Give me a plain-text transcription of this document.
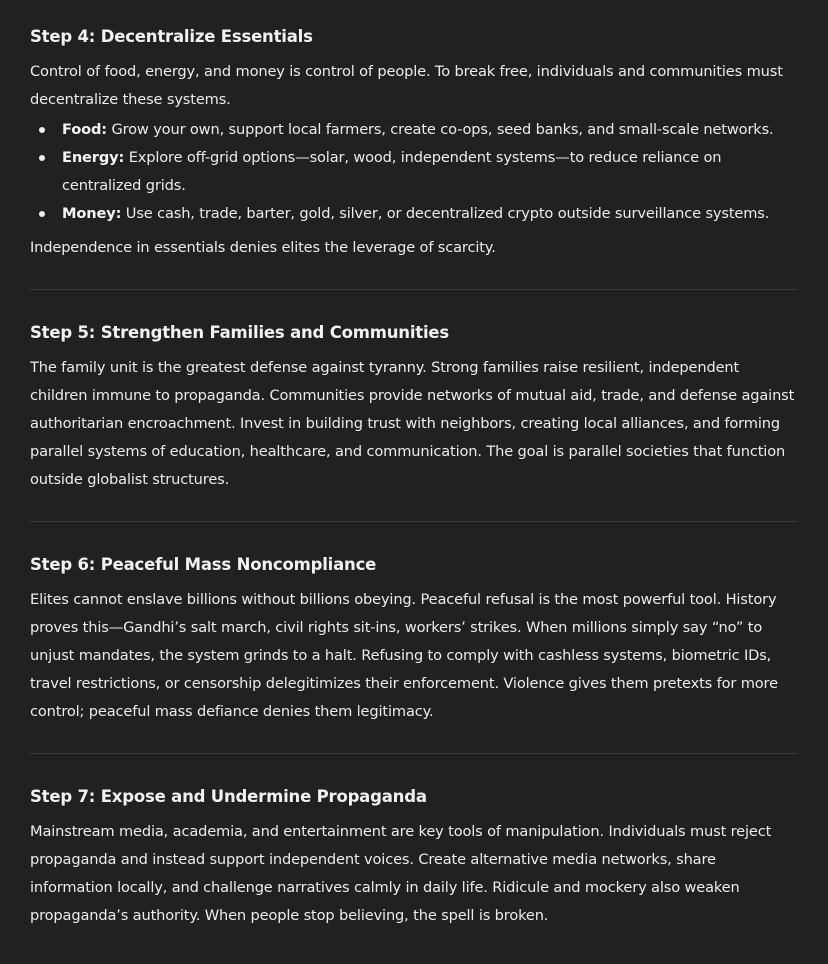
Step 4: Decentralize Essentials

Control of food, energy, and money is control of people. To break free, individuals and communities must decentralize these systems.

Food: Grow your own, support local farmers, create co-ops, seed banks, and small-scale networks.
Energy: Explore off-grid options—solar, wood, independent systems—to reduce reliance on centralized grids.
Money: Use cash, trade, barter, gold, silver, or decentralized crypto outside surveillance systems.

Independence in essentials denies elites the leverage of scarcity.

Step 5: Strengthen Families and Communities

The family unit is the greatest defense against tyranny. Strong families raise resilient, independent children immune to propaganda. Communities provide networks of mutual aid, trade, and defense against authoritarian encroachment. Invest in building trust with neighbors, creating local alliances, and forming parallel systems of education, healthcare, and communication. The goal is parallel societies that function outside globalist structures.

Step 6: Peaceful Mass Noncompliance

Elites cannot enslave billions without billions obeying. Peaceful refusal is the most powerful tool. History proves this—Gandhi’s salt march, civil rights sit-ins, workers’ strikes. When millions simply say “no” to unjust mandates, the system grinds to a halt. Refusing to comply with cashless systems, biometric IDs, travel restrictions, or censorship delegitimizes their enforcement. Violence gives them pretexts for more control; peaceful mass defiance denies them legitimacy.

Step 7: Expose and Undermine Propaganda

Mainstream media, academia, and entertainment are key tools of manipulation. Individuals must reject propaganda and instead support independent voices. Create alternative media networks, share information locally, and challenge narratives calmly in daily life. Ridicule and mockery also weaken propaganda’s authority. When people stop believing, the spell is broken.
